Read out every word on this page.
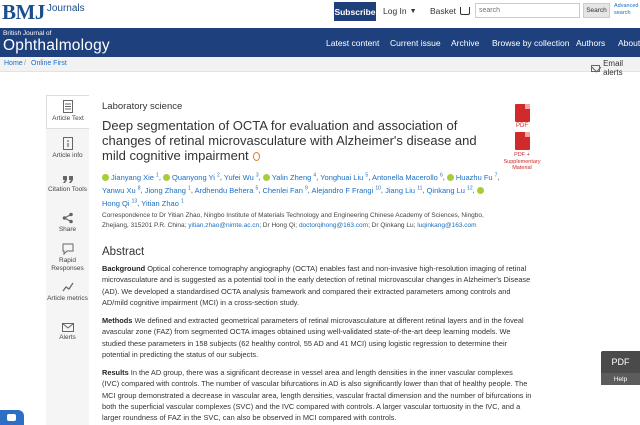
BMJ Journals	Subscribe Log In ▼ Basket
search	Search
Advanced
search
British Journal of
Ophthalmology	Latest content Current issue Archive Browse by collection Authors About
Home / Online First	Email alerts
Article Text
Article info
Citation Tools
Share
Rapid Responses
Article metrics
Alerts
Laboratory science
Deep segmentation of OCTA for evaluation and association of changes of retinal microvasculature with Alzheimer's disease and mild cognitive impairment
Jianyang Xie $^1$, Quanyong Yi $^2$, Yufei Wu $^3$, Yalin Zheng $^4$, Yonghuai Liu $^5$, Antonella Macerollo $^6$, Huazhu Fu $^7$, Yanwu Xu $^8$, Jiong Zhang $^1$, Ardhendu Behera $^5$, Chenlei Fan $^9$, Alejandro F Frangi $^{10}$, Jiang Liu $^{11}$, Qinkang Lu $^{12}$, Hong Qi $^{13}$, Yitian Zhao $^1$
Correspondence to Dr Yitian Zhao, Ningbo Institute of Materials Technology and Engineering Chinese Academy of Sciences, Ningbo,
Zhejiang, 315201 P.R. China; yitian.zhao@nimte.ac.cn; Dr Hong Qi; doctorqihong@163.com; Dr Qinkang Lu; luqinkang@163.com
Abstract
Background Optical coherence tomography angiography (OCTA) enables fast and non-invasive high-resolution imaging of retinal microvasculature and is suggested as a potential tool in the early detection of retinal microvascular changes in Alzheimer's Disease (AD). We developed a standardised OCTA analysis framework and compared their extracted parameters among controls and AD/mild cognitive impairment (MCI) in a cross-section study.
Methods We defined and extracted geometrical parameters of retinal microvasculature at different retinal layers and in the foveal avascular zone (FAZ) from segmented OCTA images obtained using well-validated state-of-the-art deep learning models. We studied these parameters in 158 subjects (62 healthy control, 55 AD and 41 MCI) using logistic regression to determine their potential in predicting the status of our subjects.
Results In the AD group, there was a significant decrease in vessel area and length densities in the inner vascular complexes (IVC) compared with controls. The number of vascular bifurcations in AD is also significantly lower than that of healthy people. The MCI group demonstrated a decrease in vascular area, length densities, vascular fractal dimension and the number of bifurcations in both the superficial vascular complexes (SVC) and the IVC compared with controls. A larger vascular tortuosity in the IVC, and a larger roundness of FAZ in the SVC, can also be observed in MCI compared with controls.
PDF
PDF +
Supplementary
Material
PDF
Help
